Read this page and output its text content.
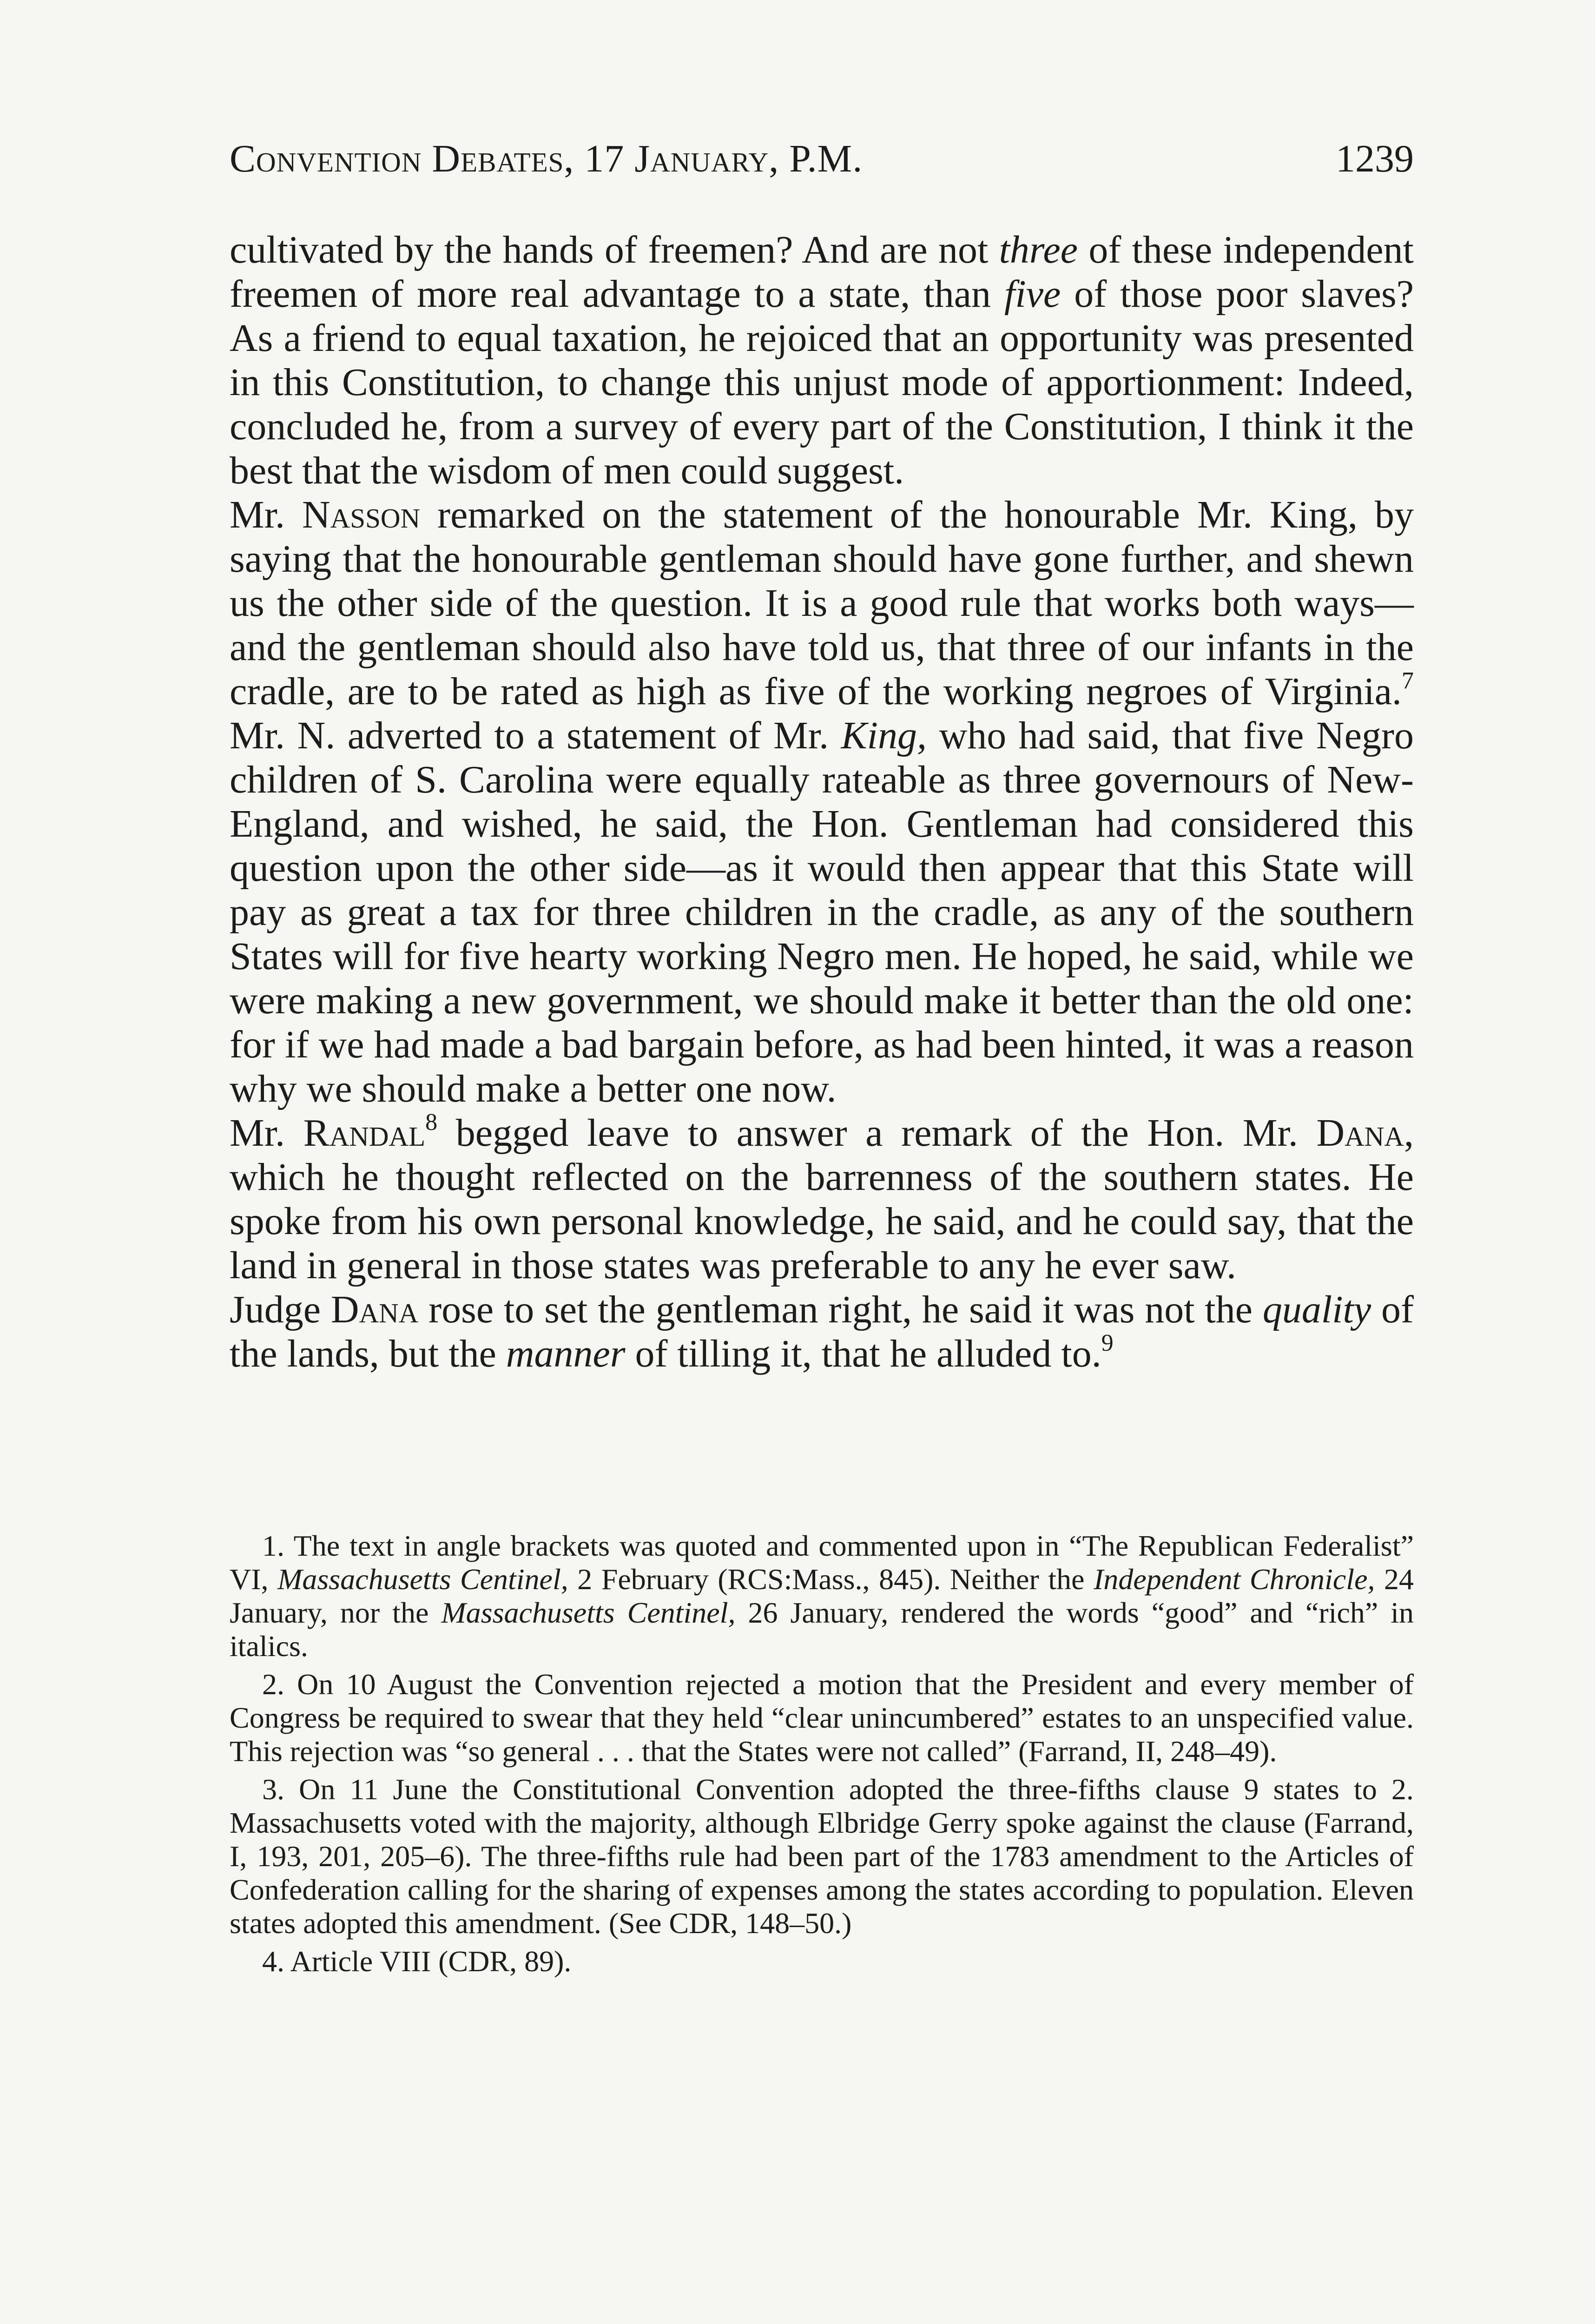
Convention Debates, 17 January, P.M.	1239

cultivated by the hands of freemen? And are not three of these independent freemen of more real advantage to a state, than five of those poor slaves? As a friend to equal taxation, he rejoiced that an opportunity was presented in this Constitution, to change this unjust mode of apportionment: Indeed, concluded he, from a survey of every part of the Constitution, I think it the best that the wisdom of men could suggest.

Mr. Nasson remarked on the statement of the honourable Mr. King, by saying that the honourable gentleman should have gone further, and shewn us the other side of the question. It is a good rule that works both ways—and the gentleman should also have told us, that three of our infants in the cradle, are to be rated as high as five of the working negroes of Virginia.$^7$ Mr. N. adverted to a statement of Mr. King, who had said, that five Negro children of S. Carolina were equally rateable as three governours of New-England, and wished, he said, the Hon. Gentleman had considered this question upon the other side—as it would then appear that this State will pay as great a tax for three children in the cradle, as any of the southern States will for five hearty working Negro men. He hoped, he said, while we were making a new government, we should make it better than the old one: for if we had made a bad bargain before, as had been hinted, it was a reason why we should make a better one now.

Mr. Randal$^8$ begged leave to answer a remark of the Hon. Mr. Dana, which he thought reflected on the barrenness of the southern states. He spoke from his own personal knowledge, he said, and he could say, that the land in general in those states was preferable to any he ever saw.

Judge Dana rose to set the gentleman right, he said it was not the quality of the lands, but the manner of tilling it, that he alluded to.$^9$

1. The text in angle brackets was quoted and commented upon in “The Republican Federalist” VI, Massachusetts Centinel, 2 February (RCS:Mass., 845). Neither the Independent Chronicle, 24 January, nor the Massachusetts Centinel, 26 January, rendered the words “good” and “rich” in italics.

2. On 10 August the Convention rejected a motion that the President and every member of Congress be required to swear that they held “clear unincumbered” estates to an unspecified value. This rejection was “so general . . . that the States were not called” (Farrand, II, 248–49).

3. On 11 June the Constitutional Convention adopted the three-fifths clause 9 states to 2. Massachusetts voted with the majority, although Elbridge Gerry spoke against the clause (Farrand, I, 193, 201, 205–6). The three-fifths rule had been part of the 1783 amendment to the Articles of Confederation calling for the sharing of expenses among the states according to population. Eleven states adopted this amendment. (See CDR, 148–50.)

4. Article VIII (CDR, 89).
